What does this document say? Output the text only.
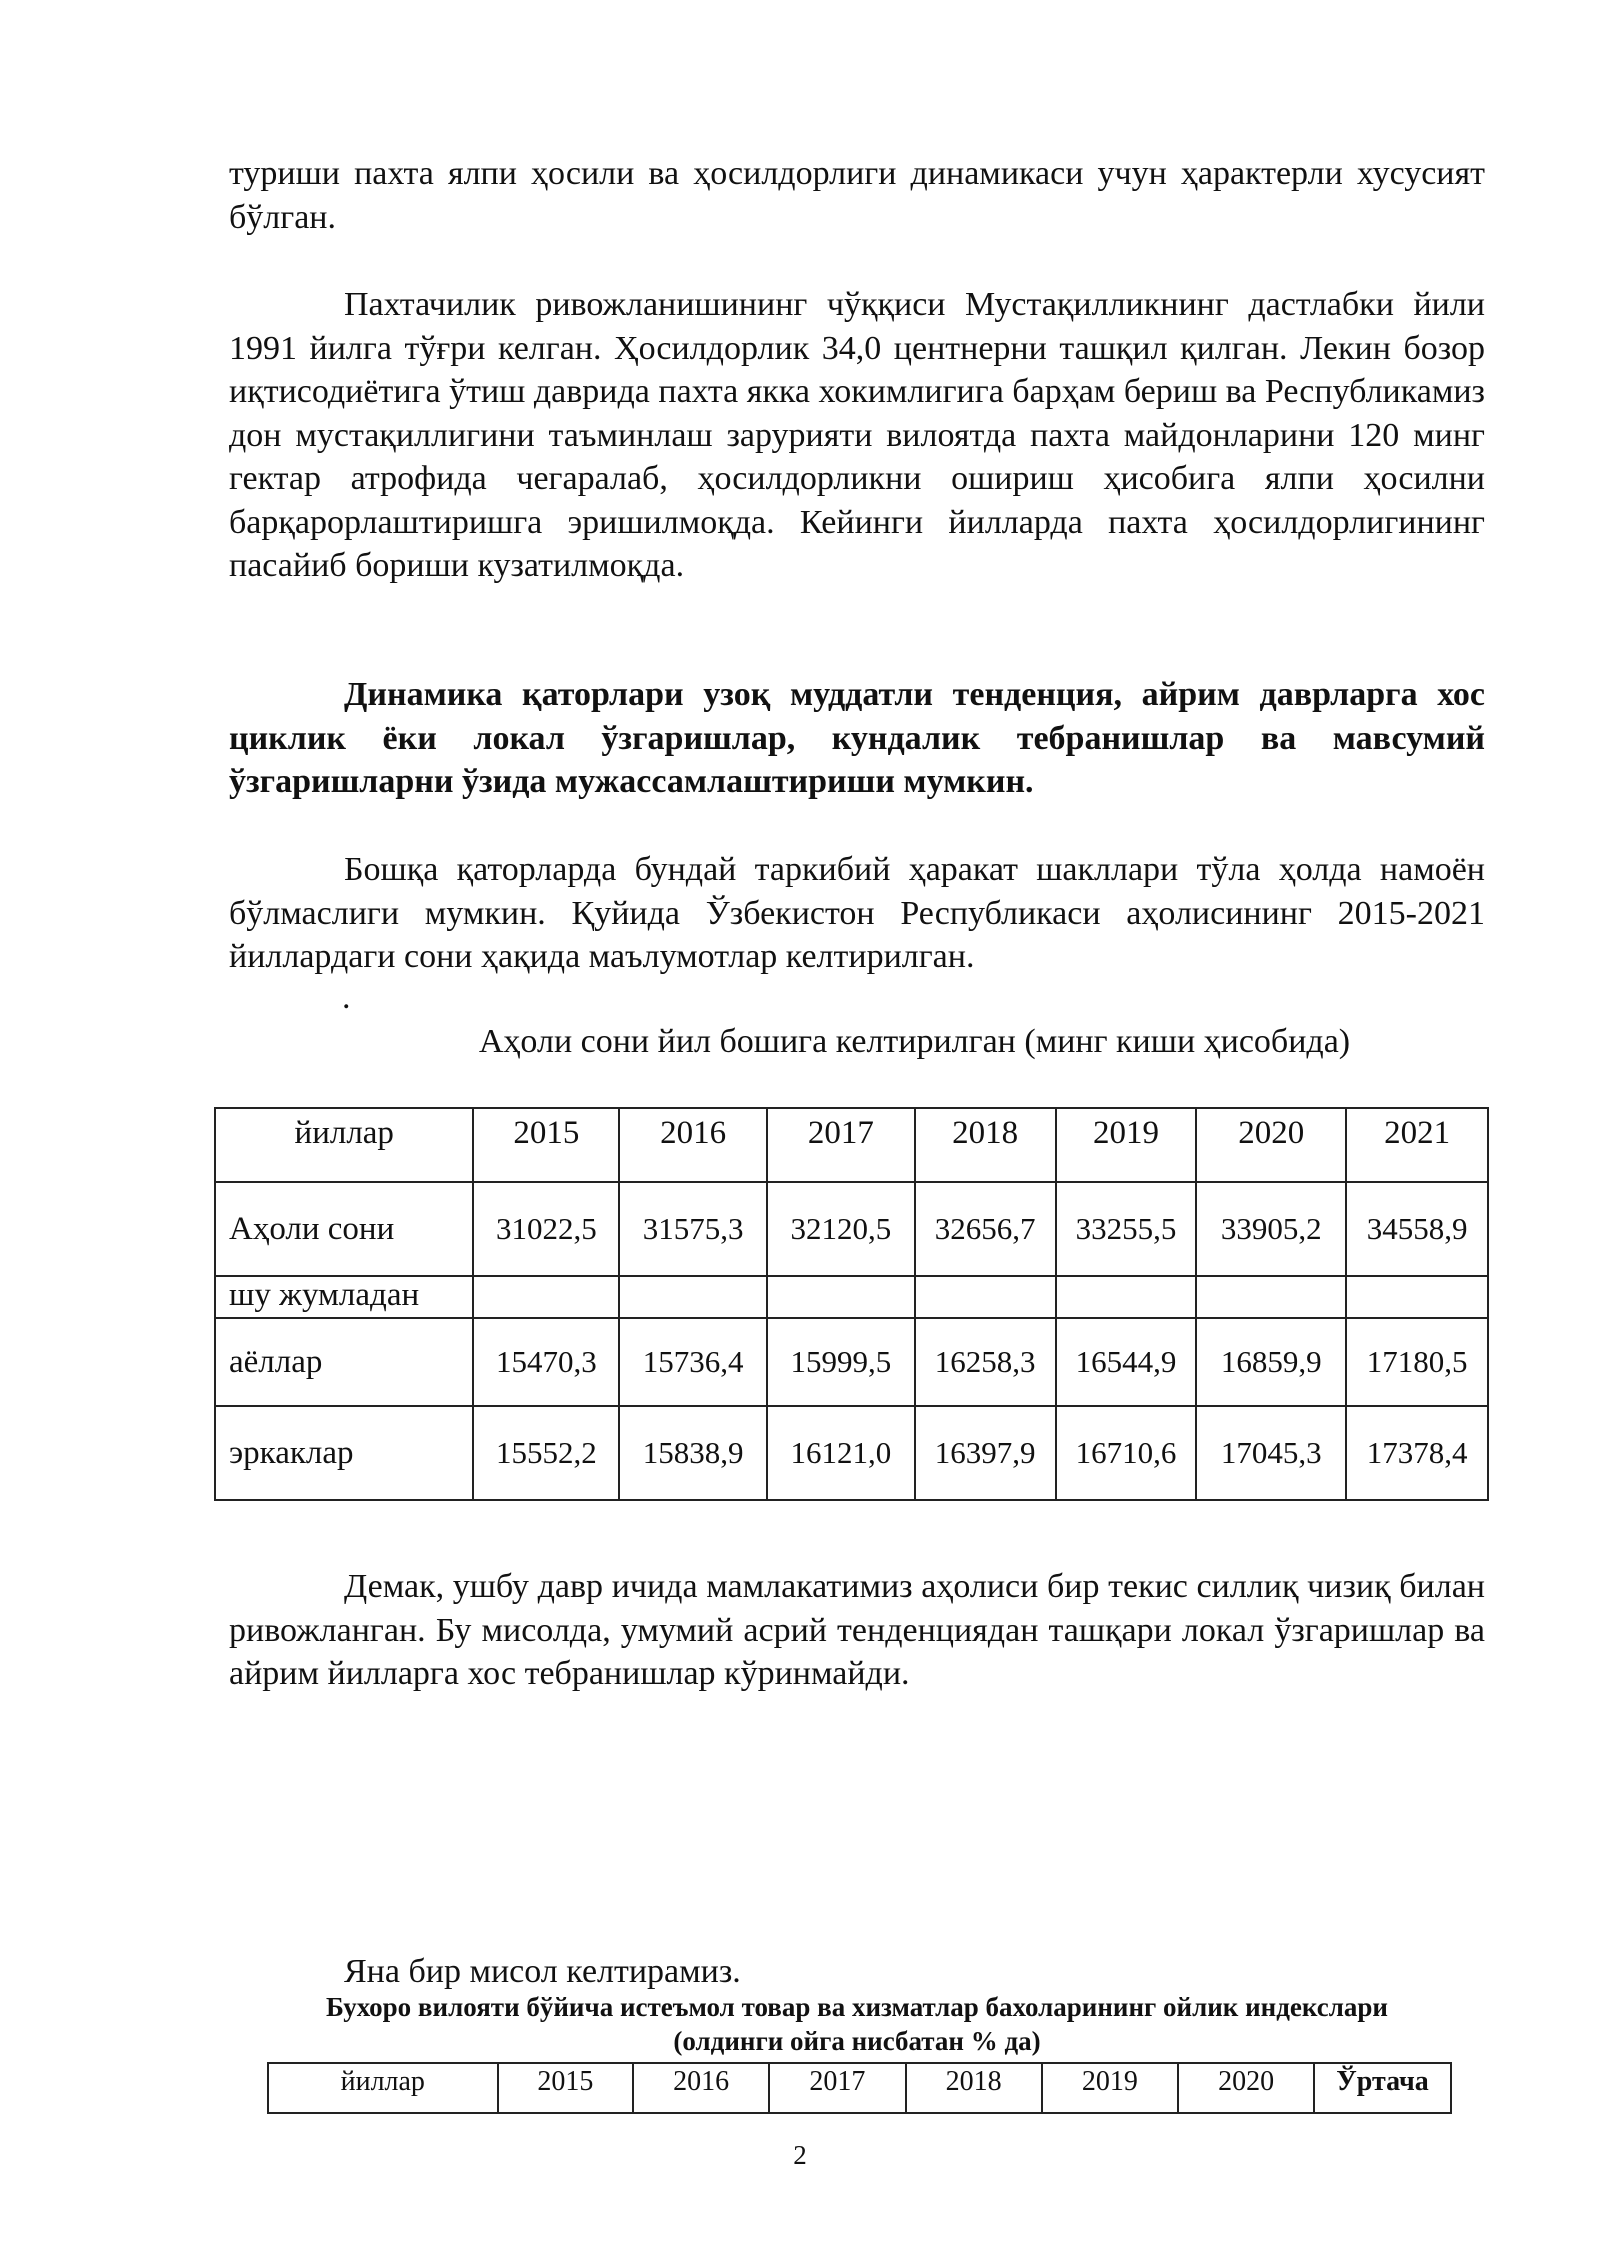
туриши пахта ялпи ҳосили ва ҳосилдорлиги динамикаси учун ҳарактерли хусусият бўлган.

Пахтачилик ривожланишининг чўққиси Мустақилликнинг дастлабки йили 1991 йилга тўғри келган. Ҳосилдорлик 34,0 центнерни ташқил қилган. Лекин бозор иқтисодиётига ўтиш даврида пахта якка хокимлигига барҳам бериш ва Республикамиз дон мустақиллигини таъминлаш зарурияти вилоятда пахта майдонларини 120 минг гектар атрофида чегаралаб, ҳосилдорликни ошириш ҳисобига ялпи ҳосилни барқарорлаштиришга эришилмоқда. Кейинги йилларда пахта ҳосилдорлигининг пасайиб бориши кузатилмоқда.

Динамика қаторлари узоқ муддатли тенденция, айрим даврларга хос циклик ёки локал ўзгаришлар, кундалик тебранишлар ва мавсумий ўзгаришларни ўзида мужассамлаштириши мумкин.

Бошқа қаторларда бундай таркибий ҳаракат шакллари тўла ҳолда намоён бўлмаслиги мумкин. Қуйида Ўзбекистон Республикаси аҳолисининг 2015-2021 йиллардаги сони ҳақида маълумотлар келтирилган.

.
Аҳоли сони йил бошига келтирилган (минг киши ҳисобида)
йиллар	2015	2016	2017	2018	2019	2020	2021
Аҳоли сони	31022,5	31575,3	32120,5	32656,7	33255,5	33905,2	34558,9
шу жумладан							
аёллар	15470,3	15736,4	15999,5	16258,3	16544,9	16859,9	17180,5
эркаклар	15552,2	15838,9	16121,0	16397,9	16710,6	17045,3	17378,4

Демак, ушбу давр ичида мамлакатимиз аҳолиси бир текис силлиқ чизиқ билан ривожланган. Бу мисолда, умумий асрий тенденциядан ташқари локал ўзгаришлар ва айрим йилларга хос тебранишлар кўринмайди.

Яна бир мисол келтирамиз.

Бухоро вилояти бўйича истеъмол товар ва хизматлар бахоларининг ойлик индекслари
(олдинги ойга нисбатан % да)
йиллар	2015	2016	2017	2018	2019	2020	Ўртача
2
